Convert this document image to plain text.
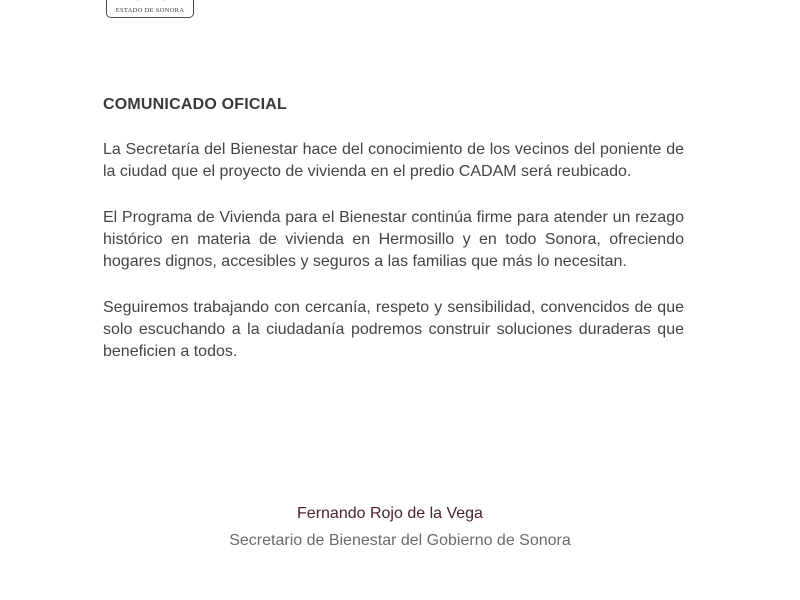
ESTADO DE SONORA
COMUNICADO OFICIAL

La Secretaría del Bienestar hace del conocimiento de los vecinos del poniente de la ciudad que el proyecto de vivienda en el predio CADAM será reubicado.

El Programa de Vivienda para el Bienestar continúa firme para atender un rezago histórico en materia de vivienda en Hermosillo y en todo Sonora, ofreciendo hogares dignos, accesibles y seguros a las familias que más lo necesitan.

Seguiremos trabajando con cercanía, respeto y sensibilidad, convencidos de que solo escuchando a la ciudadanía podremos construir soluciones duraderas que beneficien a todos.

Fernando Rojo de la Vega
Secretario de Bienestar del Gobierno de Sonora
